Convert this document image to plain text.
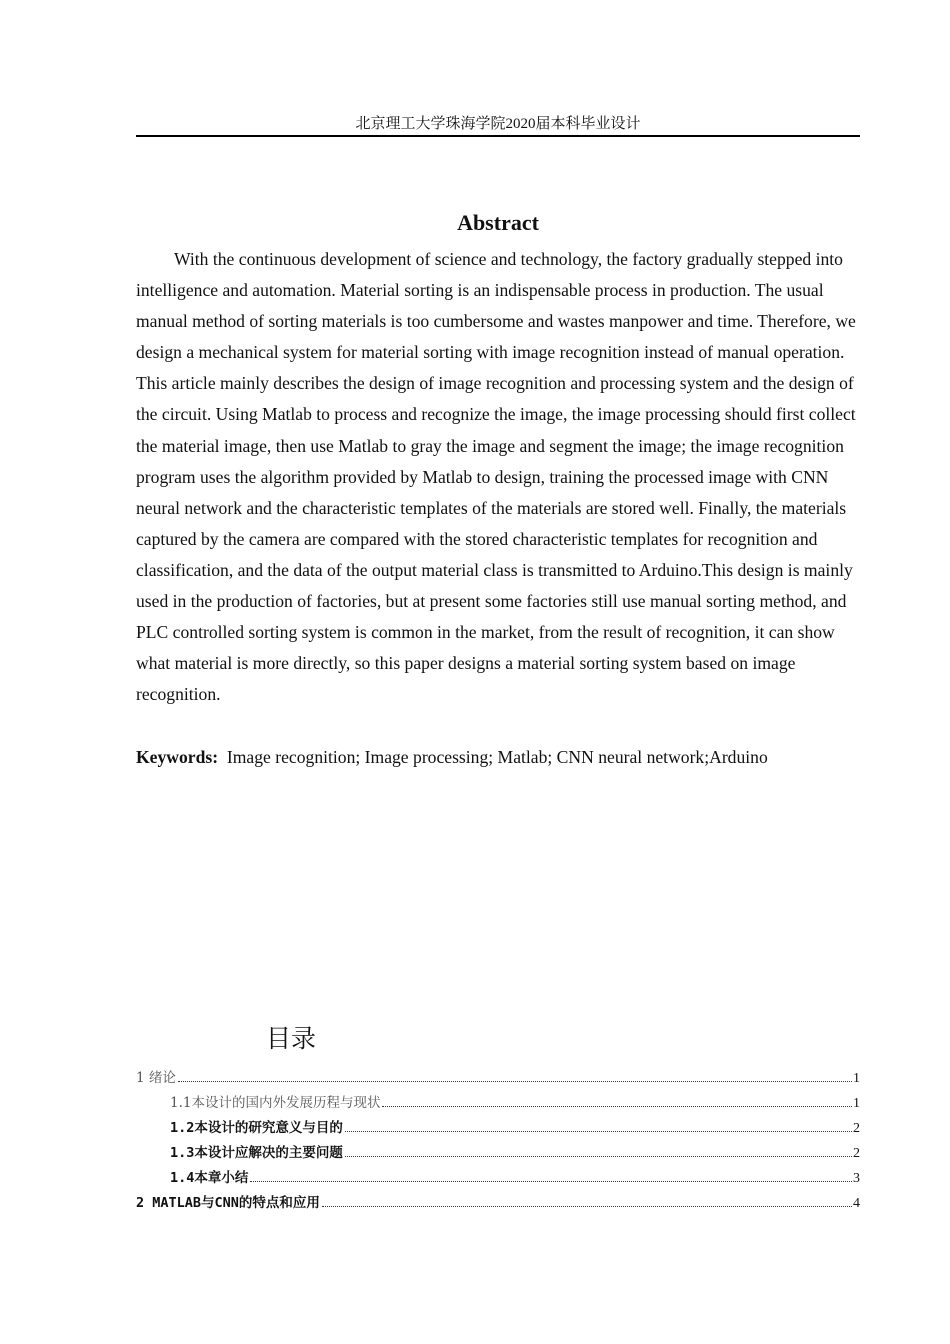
北京理工大学珠海学院2020届本科毕业设计
Abstract

With the continuous development of science and technology, the factory gradually stepped into intelligence and automation. Material sorting is an indispensable process in production. The usual manual method of sorting materials is too cumbersome and wastes manpower and time. Therefore, we design a mechanical system for material sorting with image recognition instead of manual operation. This article mainly describes the design of image recognition and processing system and the design of the circuit. Using Matlab to process and recognize the image, the image processing should first collect the material image, then use Matlab to gray the image and segment the image; the image recognition program uses the algorithm provided by Matlab to design, training the processed image with CNN neural network and the characteristic templates of the materials are stored well. Finally, the materials captured by the camera are compared with the stored characteristic templates for recognition and classification, and the data of the output material class is transmitted to Arduino.This design is mainly used in the production of factories, but at present some factories still use manual sorting method, and PLC controlled sorting system is common in the market, from the result of recognition, it can show what material is more directly, so this paper designs a material sorting system based on image recognition.

Keywords: Image recognition; Image processing; Matlab; CNN neural network;Arduino
目录
1 绪论	1
1.1本设计的国内外发展历程与现状	1
1.2本设计的研究意义与目的	2
1.3本设计应解决的主要问题	2
1.4本章小结	3
2 MATLAB与CNN的特点和应用	4
